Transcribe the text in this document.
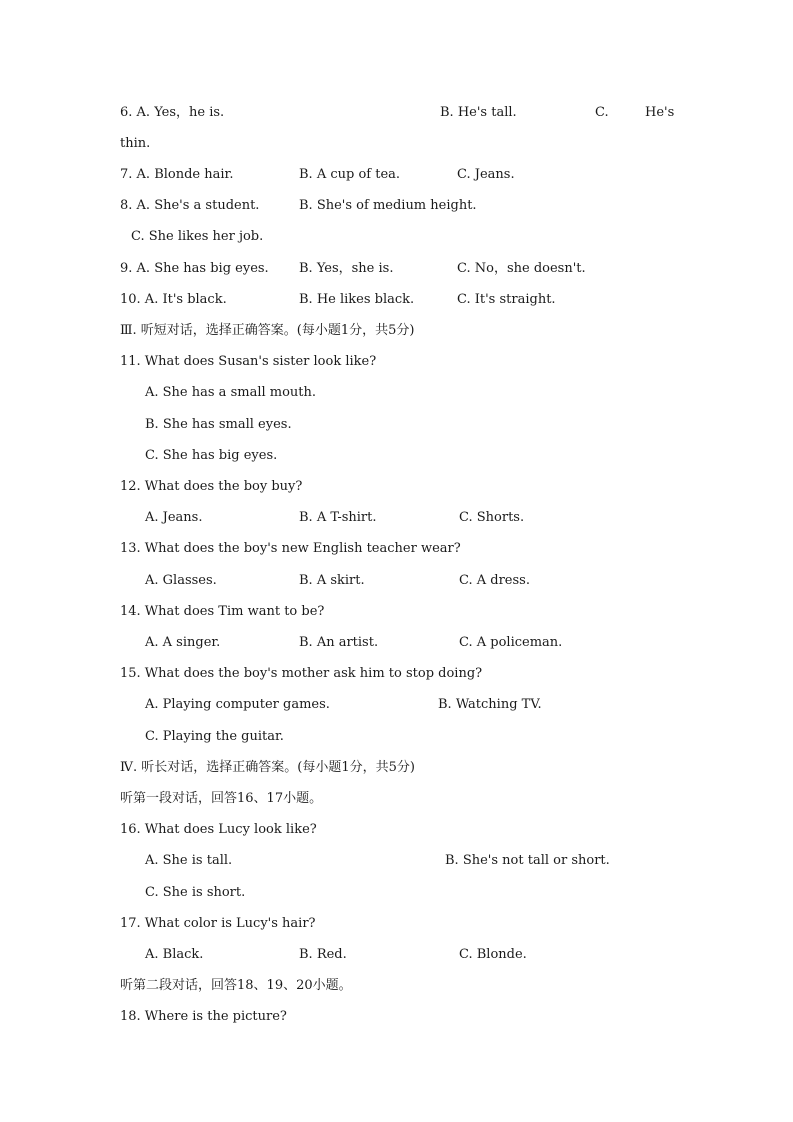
6. A. Yes，he is.	B. He's tall.	C.	He's
thin.
7. A. Blonde hair.	B. A cup of tea.	C. Jeans.
8. A. She's a student.	B. She's of medium height.
C. She likes her job.
9. A. She has big eyes. B. Yes，she is.	C. No，she doesn't.
10. A. It's black.	B. He likes black.	C. It's straight.
Ⅲ. 听短对话，选择正确答案。(每小题1分，共5分)
11. What does Susan's sister look like?
A. She has a small mouth.
B. She has small eyes.
C. She has big eyes.
12. What does the boy buy?
A. Jeans.	B. A T-shirt.	C. Shorts.
13. What does the boy's new English teacher wear?
A. Glasses.	B. A skirt.	C. A dress.
14. What does Tim want to be?
A. A singer.	B. An artist.	C. A policeman.
15. What does the boy's mother ask him to stop doing?
A. Playing computer games.	B. Watching TV.
C. Playing the guitar.
Ⅳ. 听长对话，选择正确答案。(每小题1分，共5分)
听第一段对话，回答16、17小题。
16. What does Lucy look like?
A. She is tall.	B. She's not tall or short.
C. She is short.
17. What color is Lucy's hair?
A. Black.	B. Red.	C. Blonde.
听第二段对话，回答18、19、20小题。
18. Where is the picture?
